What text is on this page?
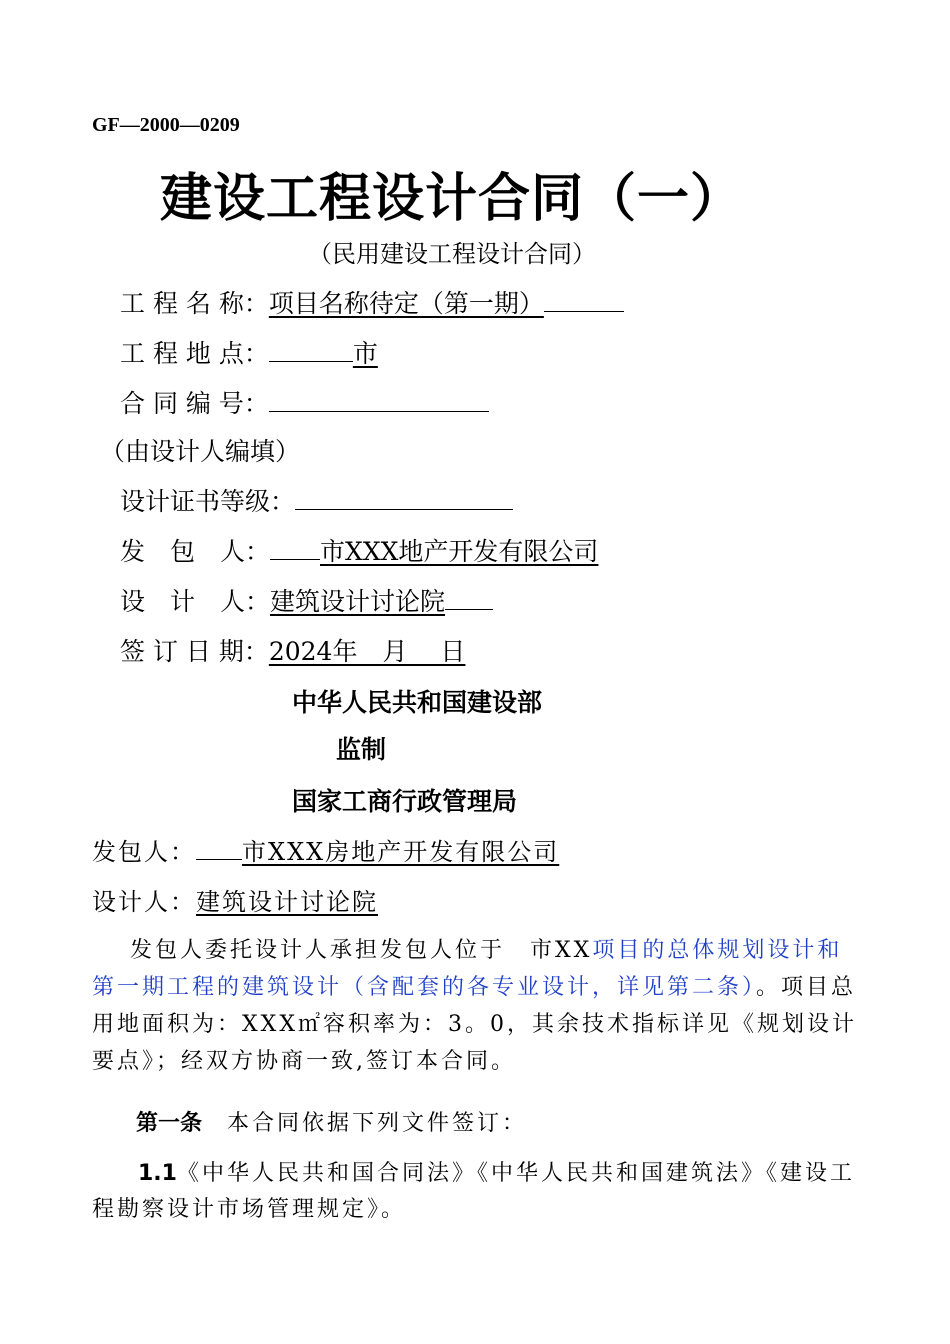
GF—2000—0209
建设工程设计合同（一）
（民用建设工程设计合同）
工 程 名 称：项目名称待定（第一期）
工 程 地 点：	市
合 同 编 号：
（由设计人编填）
设计证书等级：
发　包　人： 市XXX地产开发有限公司
设　计　人：建筑设计讨论院
签 订 日 期：2024年　月　 日
中华人民共和国建设部
监制
国家工商行政管理局
发包人： 市XXX房地产开发有限公司
设计人：建筑设计讨论院
发包人委托设计人承担发包人位于　市XX项目的总体规划设计和第一期工程的建筑设计（含配套的各专业设计，详见第二条）。项目总用地面积为：XXX㎡容积率为：3。0，其余技术指标详见《规划设计要点》；经双方协商一致,签订本合同。
第一条　本合同依据下列文件签订：
1.1《中华人民共和国合同法》《中华人民共和国建筑法》《建设工程勘察设计市场管理规定》。
